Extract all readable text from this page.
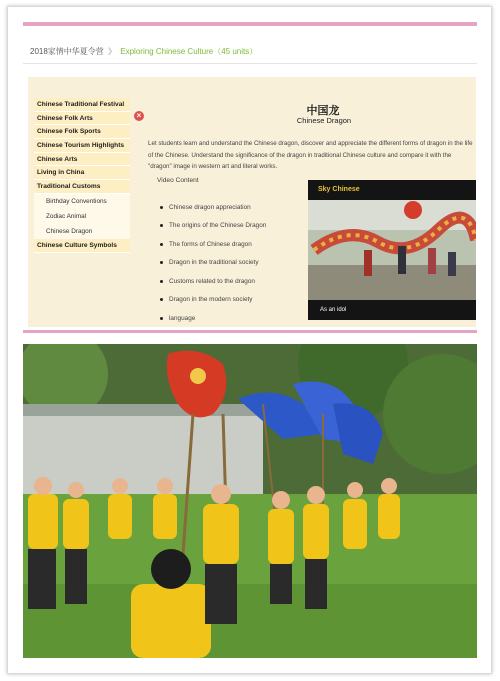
2018家情中华夏令营 》 Exploring Chinese Culture（45 units）
Chinese Traditional Festival
Chinese Folk Arts
Chinese Folk Sports
Chinese Tourism Highlights
Chinese Arts
Living in China
Traditional Customs
Birthday Conventions
Zodiac Animal
Chinese Dragon
Chinese Culture Symbols
×	中国龙
Chinese Dragon
Let students learn and understand the Chinese dragon, discover and appreciate the different forms of dragon in the life of the Chinese. Understand the significance of the dragon in traditional Chinese culture and compare it with the "dragon" image in western art and literal works.
Video Content
Chinese dragon appreciation
The origins of the Chinese Dragon
The forms of Chinese dragon
Dragon in the traditional society
Customs related to the dragon
Dragon in the modern society
language
Sky Chinese
As an idol
